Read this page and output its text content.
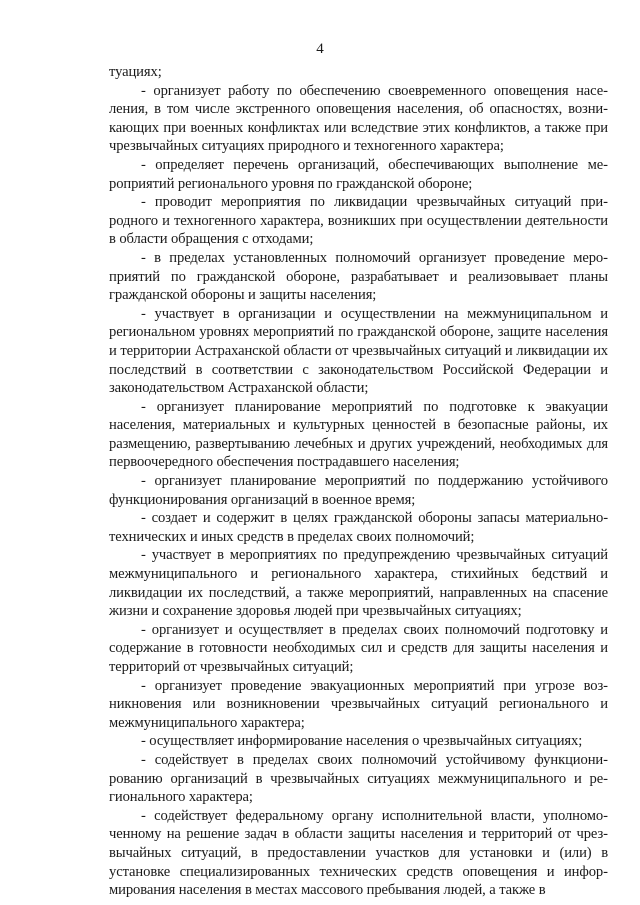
4

туациях;

- организует работу по обеспечению своевременного оповещения населения, в том числе экстренного оповещения населения, об опасностях, возникающих при военных конфликтах или вследствие этих конфликтов, а также при чрезвычайных ситуациях природного и техногенного характера;

- определяет перечень организаций, обеспечивающих выполнение мероприятий регионального уровня по гражданской обороне;

- проводит мероприятия по ликвидации чрезвычайных ситуаций природного и техногенного характера, возникших при осуществлении деятельности в области обращения с отходами;

- в пределах установленных полномочий организует проведение мероприятий по гражданской обороне, разрабатывает и реализовывает планы гражданской обороны и защиты населения;

- участвует в организации и осуществлении на межмуниципальном и региональном уровнях мероприятий по гражданской обороне, защите населения и территории Астраханской области от чрезвычайных ситуаций и ликвидации их последствий в соответствии с законодательством Российской Федерации и законодательством Астраханской области;

- организует планирование мероприятий по подготовке к эвакуации населения, материальных и культурных ценностей в безопасные районы, их размещению, развертыванию лечебных и других учреждений, необходимых для первоочередного обеспечения пострадавшего населения;

- организует планирование мероприятий по поддержанию устойчивого функционирования организаций в военное время;

- создает и содержит в целях гражданской обороны запасы материально-технических и иных средств в пределах своих полномочий;

- участвует в мероприятиях по предупреждению чрезвычайных ситуаций межмуниципального и регионального характера, стихийных бедствий и ликвидации их последствий, а также мероприятий, направленных на спасение жизни и сохранение здоровья людей при чрезвычайных ситуациях;

- организует и осуществляет в пределах своих полномочий подготовку и содержание в готовности необходимых сил и средств для защиты населения и территорий от чрезвычайных ситуаций;

- организует проведение эвакуационных мероприятий при угрозе возникновения или возникновении чрезвычайных ситуаций регионального и межмуниципального характера;

- осуществляет информирование населения о чрезвычайных ситуациях;

- содействует в пределах своих полномочий устойчивому функционированию организаций в чрезвычайных ситуациях межмуниципального и регионального характера;

- содействует федеральному органу исполнительной власти, уполномоченному на решение задач в области защиты населения и территорий от чрезвычайных ситуаций, в предоставлении участков для установки и (или) в установке специализированных технических средств оповещения и информирования населения в местах массового пребывания людей, а также в
